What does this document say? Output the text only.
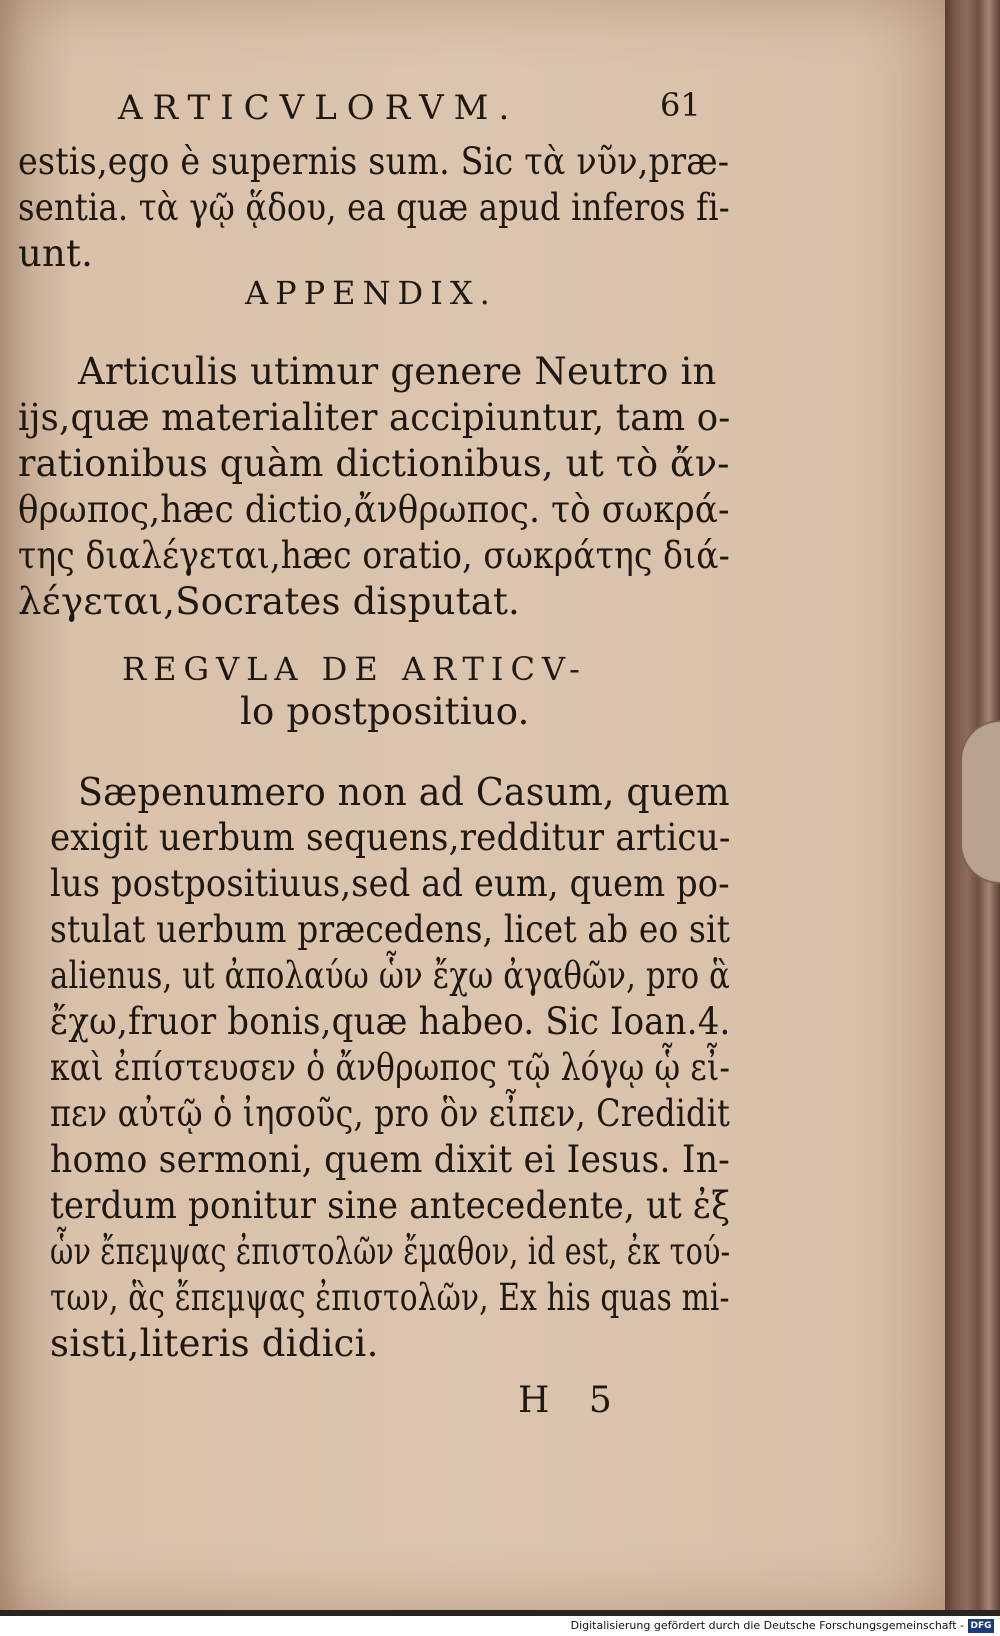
ARTICVLORVM.	61
estis,ego è supernis sum. Sic τὰ νῦν,præ-
sentia. τὰ γῷ ᾅδου, ea quæ apud inferos fi-
unt.
APPENDIX.
Articulis utimur genere Neutro in
ijs,quæ materialiter accipiuntur, tam o-
rationibus quàm dictionibus, ut τὸ ἄν-
θρωπος,hæc dictio,ἄνθρωπος. τὸ σωκρά-
της διαλέγεται,hæc oratio, σωκράτης διά-
λέγεται,Socrates disputat.
REGVLA DE ARTICV-
lo postpositiuo.
Sæpenumero non ad Casum, quem
exigit uerbum sequens,redditur articu-
lus postpositiuus,sed ad eum, quem po-
stulat uerbum præcedens, licet ab eo sit
alienus, ut ἀπολαύω ὧν ἔχω ἀγαθῶν, pro ἃ
ἔχω,fruor bonis,quæ habeo. Sic Ioan.4.
καὶ ἐπίστευσεν ὁ ἄνθρωπος τῷ λόγῳ ᾧ εἶ-
πεν αὐτῷ ὁ ἰησοῦς, pro ὃν εἶπεν, Credidit
homo sermoni, quem dixit ei Iesus. In-
terdum ponitur sine antecedente, ut ἐξ
ὧν ἔπεμψας ἐπιστολῶν ἔμαθον, id est, ἐκ τού-
των, ἃς ἔπεμψας ἐπιστολῶν, Ex his quas mi-
sisti,literis didici.
H 5
Digitalisierung gefördert durch die Deutsche Forschungsgemeinschaft - DFG
